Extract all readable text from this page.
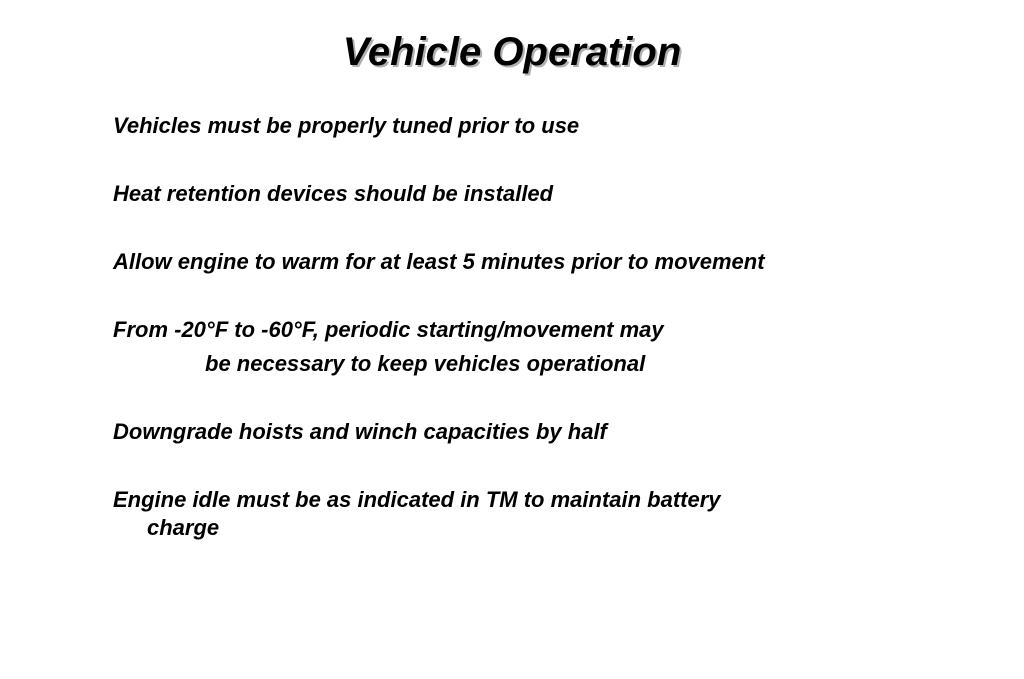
Vehicle Operation
Vehicles must be properly tuned prior to use
Heat retention devices should be installed
Allow engine to warm for at least 5 minutes prior to movement
From -20°F to -60°F, periodic starting/movement may
be necessary to keep vehicles operational
Downgrade hoists and winch capacities by half
Engine idle must be as indicated in TM to maintain battery
charge
